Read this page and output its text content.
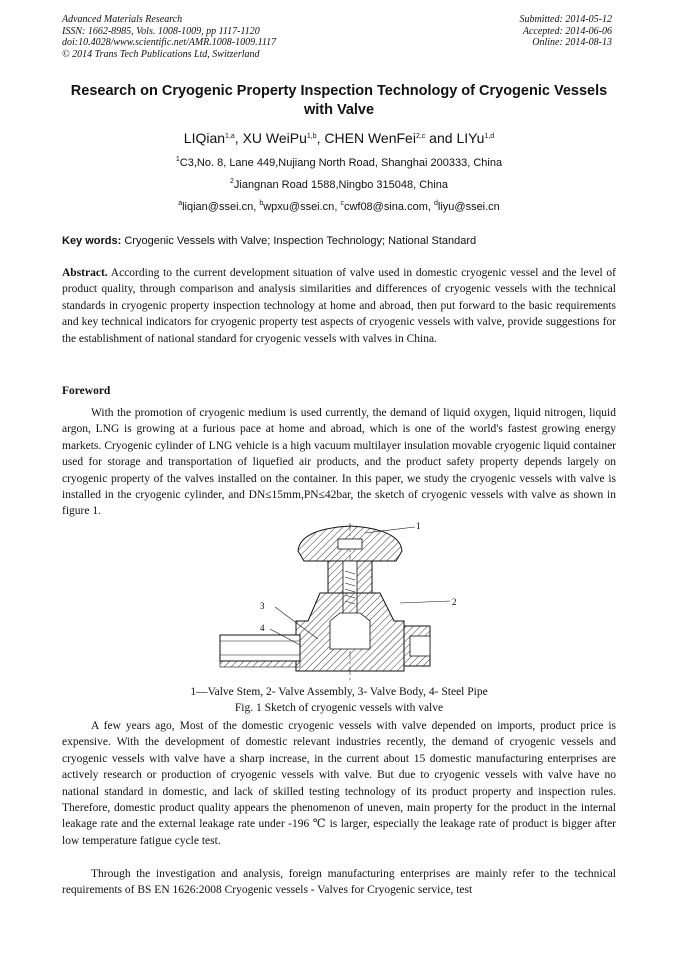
Advanced Materials Research
ISSN: 1662-8985, Vols. 1008-1009, pp 1117-1120
doi:10.4028/www.scientific.net/AMR.1008-1009.1117
© 2014 Trans Tech Publications Ltd, Switzerland
Submitted: 2014-05-12
Accepted: 2014-06-06
Online: 2014-08-13
Research on Cryogenic Property Inspection Technology of Cryogenic Vessels with Valve
LIQian$^{1,a}$, XU WeiPu$^{1,b}$, CHEN WenFei$^{2,c}$ and LIYu$^{1,d}$
$^1$C3,No. 8, Lane 449,Nujiang North Road, Shanghai 200333, China
$^2$Jiangnan Road 1588,Ningbo 315048, China
$^a$liqian@ssei.cn, $^b$wpxu@ssei.cn, $^c$cwf08@sina.com, $^d$liyu@ssei.cn
Key words: Cryogenic Vessels with Valve; Inspection Technology; National Standard

Abstract. According to the current development situation of valve used in domestic cryogenic vessel and the level of product quality, through comparison and analysis similarities and differences of cryogenic vessels with the technical standards in cryogenic property inspection technology at home and abroad, then put forward to the basic requirements and key technical indicators for cryogenic property test aspects of cryogenic vessels with valve, provide suggestions for the establishment of national standard for cryogenic vessels with valves in China.

Foreword

With the promotion of cryogenic medium is used currently, the demand of liquid oxygen, liquid nitrogen, liquid argon, LNG is growing at a furious pace at home and abroad, which is one of the world's fastest growing energy markets. Cryogenic cylinder of LNG vehicle is a high vacuum multilayer insulation movable cryogenic liquid container used for storage and transportation of liquefied air products, and the product safety property depends largely on cryogenic property of the valves installed on the container. In this paper, we study the cryogenic vessels with valve is installed in the cryogenic cylinder, and DN≤15mm,PN≤42bar, the sketch of cryogenic vessels with valve as shown in figure 1.

1
2
3
4
1—Valve Stem, 2- Valve Assembly, 3- Valve Body, 4- Steel Pipe
Fig. 1 Sketch of cryogenic vessels with valve

A few years ago, Most of the domestic cryogenic vessels with valve depended on imports, product price is expensive. With the development of domestic relevant industries recently, the demand of cryogenic vessels and cryogenic vessels with valve have a sharp increase, in the current about 15 domestic manufacturing enterprises are actively research or production of cryogenic vessels with valve. But due to cryogenic vessels with valve have no national standard in domestic, and lack of skilled testing technology of its product property and inspection rules. Therefore, domestic product quality appears the phenomenon of uneven, main property for the product in the internal leakage rate and the external leakage rate under -196 ℃ is larger, especially the leakage rate of product is bigger after low temperature fatigue cycle test.

Through the investigation and analysis, foreign manufacturing enterprises are mainly refer to the technical requirements of BS EN 1626:2008 Cryogenic vessels - Valves for Cryogenic service, test
